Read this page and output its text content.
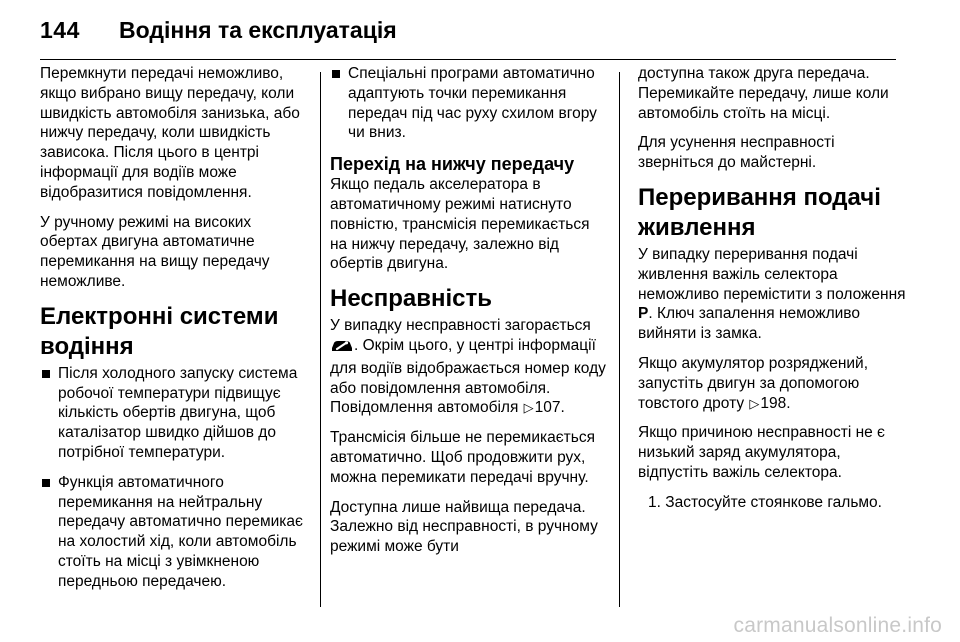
144 Водіння та експлуатація

Перемкнути передачі неможливо, якщо вибрано вищу передачу, коли швидкість автомобіля занизька, або нижчу передачу, коли швидкість зависока. Після цього в центрі інформації для водіїв може відобразитися повідомлення.

У ручному режимі на високих обертах двигуна автоматичне перемикання на вищу передачу неможливе.

Електронні системи водіння
Після холодного запуску система робочої температури підвищує кількість обертів двигуна, щоб каталізатор швидко дійшов до потрібної температури.
Функція автоматичного перемикання на нейтральну передачу автоматично перемикає на холостий хід, коли автомобіль стоїть на місці з увімкненою передньою передачею.
Спеціальні програми автоматично адаптують точки перемикання передач під час руху схилом вгору чи вниз.
Перехід на нижчу передачу

Якщо педаль акселератора в автоматичному режимі натиснуто повністю, трансмісія перемикається на нижчу передачу, залежно від обертів двигуна.

Несправність

У випадку несправності загорається . Окрім цього, у центрі інформації для водіїв відображається номер коду або повідомлення автомобіля. Повідомлення автомобіля ▷107.

Трансмісія більше не перемикається автоматично. Щоб продовжити рух, можна перемикати передачі вручну.

Доступна лише найвища передача. Залежно від несправності, в ручному режимі може бути

доступна також друга передача. Перемикайте передачу, лише коли автомобіль стоїть на місці.

Для усунення несправності зверніться до майстерні.

Переривання подачі живлення

У випадку переривання подачі живлення важіль селектора неможливо перемістити з положення P. Ключ запалення неможливо вийняти із замка.

Якщо акумулятор розряджений, запустіть двигун за допомогою товстого дроту ▷198.

Якщо причиною несправності не є низький заряд акумулятора, відпустіть важіль селектора.

1. Застосуйте стоянкове гальмо.
carmanualsonline.info
